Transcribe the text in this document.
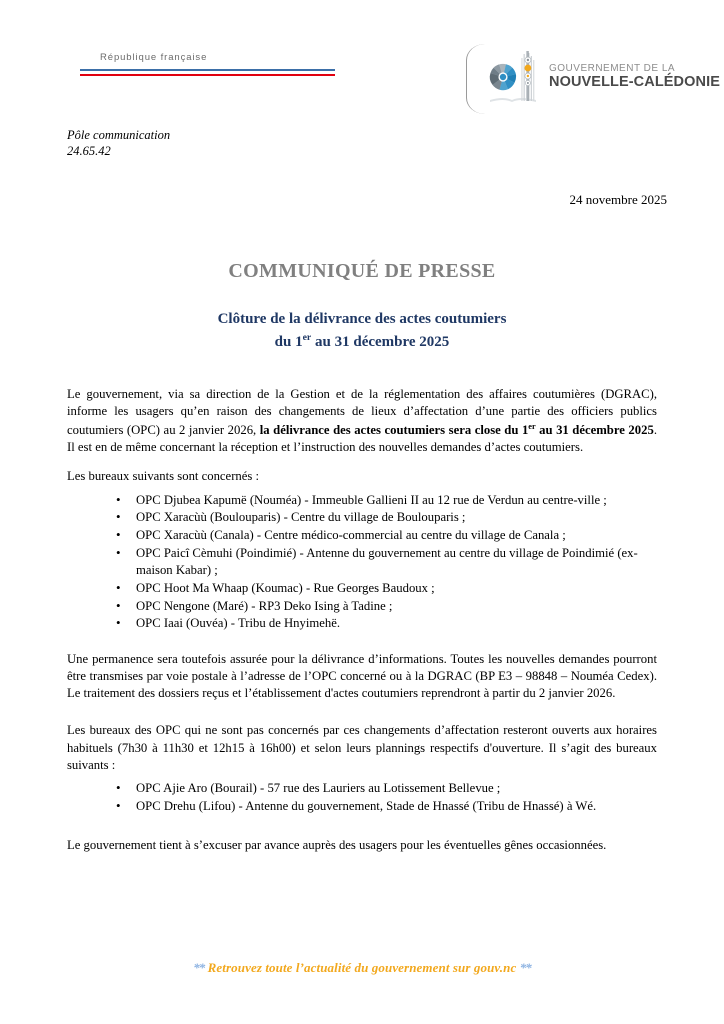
République française
GOUVERNEMENT DE LA
NOUVELLE-CALÉDONIE
Pôle communication
24.65.42
24 novembre 2025
COMMUNIQUÉ DE PRESSE
Clôture de la délivrance des actes coutumiers
du 1er au 31 décembre 2025

Le gouvernement, via sa direction de la Gestion et de la réglementation des affaires coutumières (DGRAC), informe les usagers qu’en raison des changements de lieux d’affectation d’une partie des officiers publics coutumiers (OPC) au 2 janvier 2026, la délivrance des actes coutumiers sera close du 1er au 31 décembre 2025. Il est en de même concernant la réception et l’instruction des nouvelles demandes d’actes coutumiers.

Les bureaux suivants sont concernés :

• OPC Djubea Kapumë (Nouméa) - Immeuble Gallieni II au 12 rue de Verdun au centre-ville ;
• OPC Xaracùù (Boulouparis) - Centre du village de Boulouparis ;
• OPC Xaracùù (Canala) - Centre médico-commercial au centre du village de Canala ;
• OPC Paicî Cèmuhi (Poindimié) - Antenne du gouvernement au centre du village de Poindimié (ex-maison Kabar) ;
• OPC Hoot Ma Whaap (Koumac) - Rue Georges Baudoux ;
• OPC Nengone (Maré) - RP3 Deko Ising à Tadine ;
• OPC Iaai (Ouvéa) - Tribu de Hnyimehë.

Une permanence sera toutefois assurée pour la délivrance d’informations. Toutes les nouvelles demandes pourront être transmises par voie postale à l’adresse de l’OPC concerné ou à la DGRAC (BP E3 – 98848 – Nouméa Cedex). Le traitement des dossiers reçus et l’établissement d'actes coutumiers reprendront à partir du 2 janvier 2026.

Les bureaux des OPC qui ne sont pas concernés par ces changements d’affectation resteront ouverts aux horaires habituels (7h30 à 11h30 et 12h15 à 16h00) et selon leurs plannings respectifs d'ouverture. Il s’agit des bureaux suivants :

• OPC Ajie Aro (Bourail) - 57 rue des Lauriers au Lotissement Bellevue ;
• OPC Drehu (Lifou) - Antenne du gouvernement, Stade de Hnassé (Tribu de Hnassé) à Wé.

Le gouvernement tient à s’excuser par avance auprès des usagers pour les éventuelles gênes occasionnées.

** Retrouvez toute l’actualité du gouvernement sur gouv.nc **
